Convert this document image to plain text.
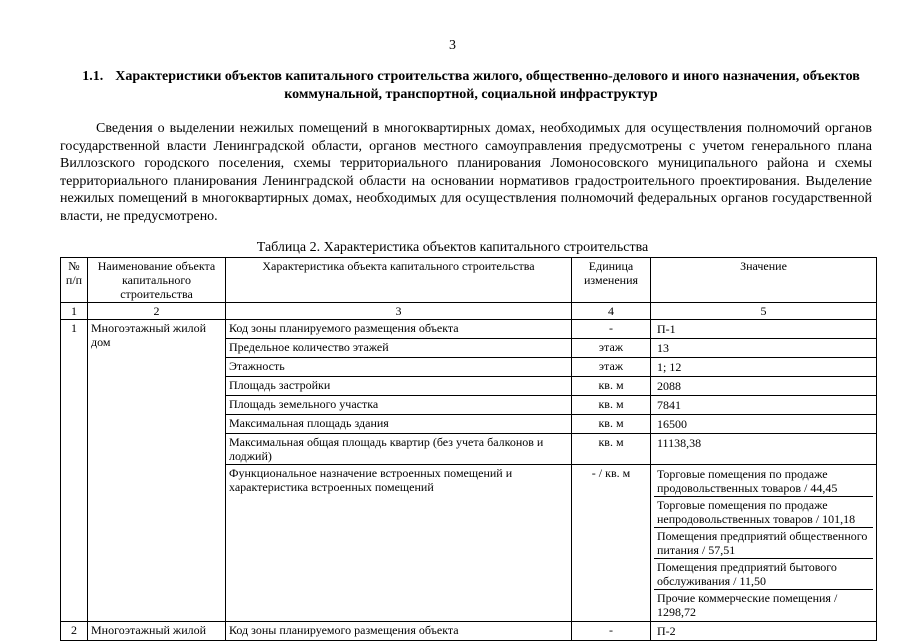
3
1.1. Характеристики объектов капитального строительства жилого, общественно-делового и иного назначения, объектов коммунальной, транспортной, социальной инфраструктур

Сведения о выделении нежилых помещений в многоквартирных домах, необходимых для осуществления полномочий органов государственной власти Ленинградской области, органов местного самоуправления предусмотрены с учетом генерального плана Виллозского городского поселения, схемы территориального планирования Ломоносовского муниципального района и схемы территориального планирования Ленинградской области на основании нормативов градостроительного проектирования. Выделение нежилых помещений в многоквартирных домах, необходимых для осуществления полномочий федеральных органов государственной власти, не предусмотрено.

Таблица 2. Характеристика объектов капитального строительства
№ п/п	Наименование объекта капитального строительства	Характеристика объекта капитального строительства	Единица изменения	Значение
1	2	3	4	5
1	Многоэтажный жилой дом	Код зоны планируемого размещения объекта	-	П-1

		Предельное количество этажей	этаж	13

		Этажность	этаж	1; 12

		Площадь застройки	кв. м	2088

		Площадь земельного участка	кв. м	7841

		Максимальная площадь здания	кв. м	16500

		Максимальная общая площадь квартир (без учета балконов и лоджий)	кв. м	11138,38

		Функциональное назначение встроенных помещений и характеристика встроенных помещений	- / кв. м	Торговые помещения по продаже продовольственных товаров / 44,45
Торговые помещения по продаже непродовольственных товаров / 101,18
Помещения предприятий общественного питания / 57,51
Помещения предприятий бытового обслуживания / 11,50
Прочие коммерческие помещения / 1298,72

2	Многоэтажный жилой	Код зоны планируемого размещения объекта	-	П-2
